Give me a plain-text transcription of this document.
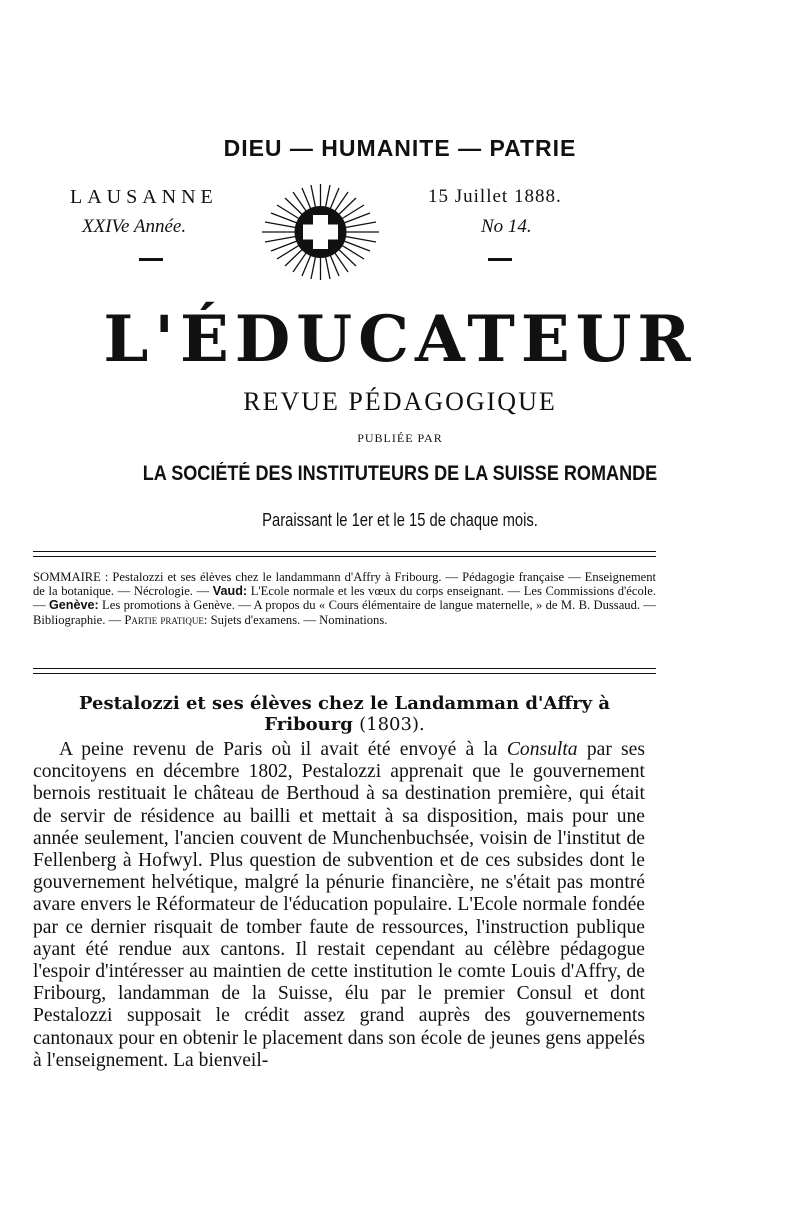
DIEU — HUMANITE — PATRIE
LAUSANNE
XXIVe Année.
15 Juillet 1888.
No 14.
L'ÉDUCATEUR
REVUE PÉDAGOGIQUE
PUBLIÉE PAR
LA SOCIÉTÉ DES INSTITUTEURS DE LA SUISSE ROMANDE
Paraissant le 1er et le 15 de chaque mois.
SOMMAIRE : Pestalozzi et ses élèves chez le landammann d'Affry à Fribourg. — Pédagogie française — Enseignement de la botanique. — Nécrologie. — Vaud: L'Ecole normale et les vœux du corps enseignant. — Les Commissions d'école. — Genève: Les promotions à Genève. — A propos du « Cours élémentaire de langue maternelle, » de M. B. Dussaud. — Bibliographie. — Partie pratique: Sujets d'examens. — Nominations.
Pestalozzi et ses élèves chez le Landamman d'Affry à Fribourg (1803).
A peine revenu de Paris où il avait été envoyé à la Consulta par ses concitoyens en décembre 1802, Pestalozzi apprenait que le gouvernement bernois restituait le château de Berthoud à sa destination première, qui était de servir de résidence au bailli et mettait à sa disposition, mais pour une année seulement, l'ancien couvent de Munchenbuchsée, voisin de l'institut de Fellenberg à Hofwyl. Plus question de subvention et de ces subsides dont le gouvernement helvétique, malgré la pénurie financière, ne s'était pas montré avare envers le Réformateur de l'éducation populaire. L'Ecole normale fondée par ce dernier risquait de tomber faute de ressources, l'instruction publique ayant été rendue aux cantons. Il restait cependant au célèbre pédagogue l'espoir d'intéresser au maintien de cette institution le comte Louis d'Affry, de Fribourg, landamman de la Suisse, élu par le premier Consul et dont Pestalozzi supposait le crédit assez grand auprès des gouvernements cantonaux pour en obtenir le placement dans son école de jeunes gens appelés à l'enseignement. La bienveil-
